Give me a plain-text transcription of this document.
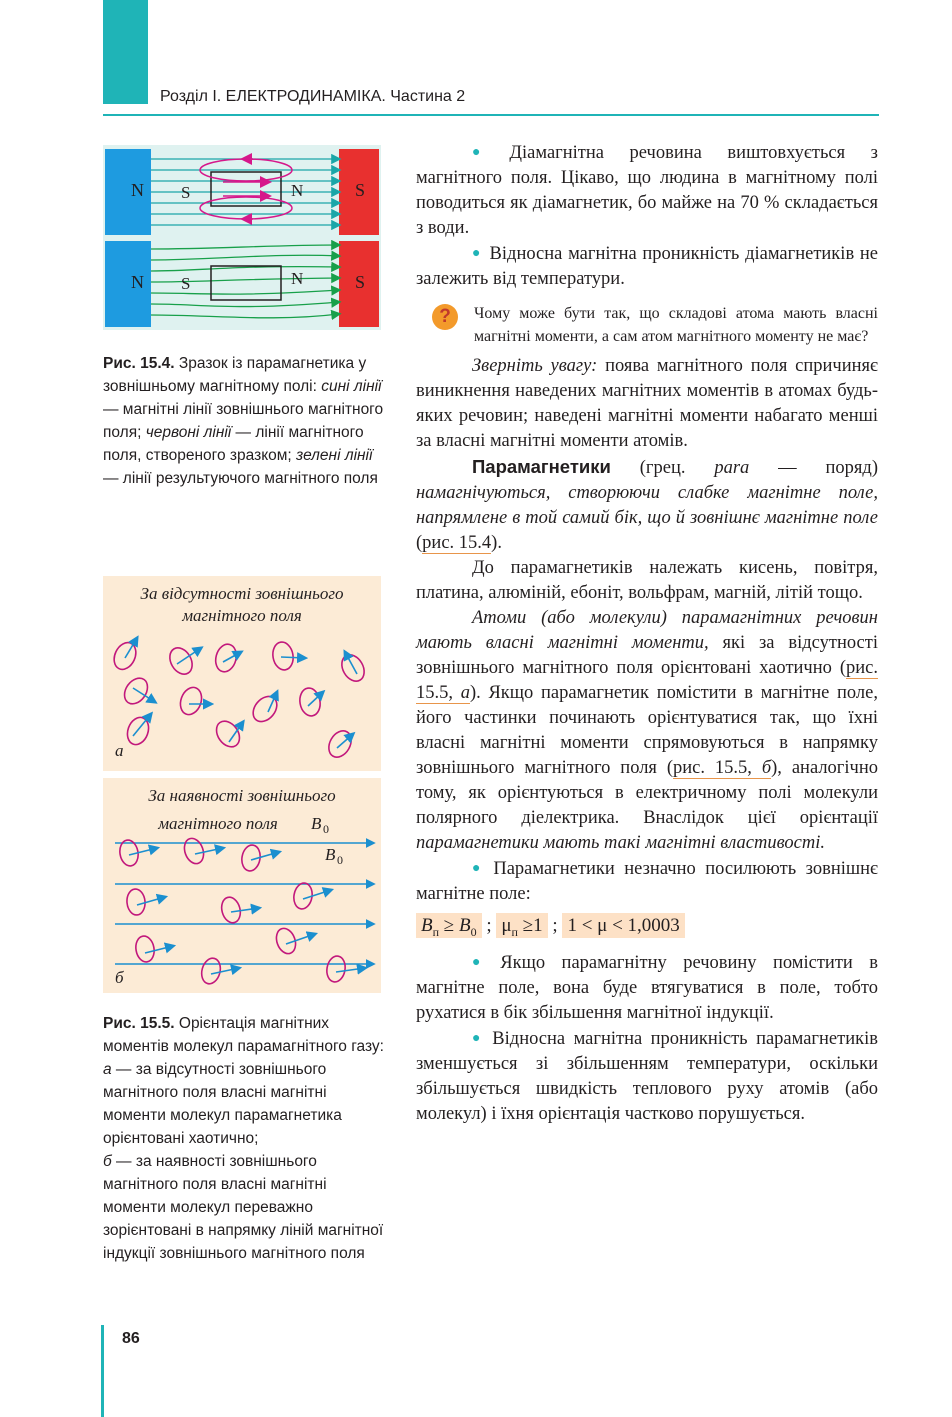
Розділ І. ЕЛЕКТРОДИНАМІКА. Частина 2
N S	N	S
N S	N	S

Рис. 15.4. Зразок із парамагнетика у зовнішньому магнітному полі: сині лінії — магнітні лінії зовнішнього магнітного поля; червоні лінії — лінії магнітного поля, створеного зразком; зелені лінії — лінії результуючого магнітного поля

За відсутності зовнішнього
магнітного поля
а
За наявності зовнішнього
магнітного поля B 0
B 0
б

Рис. 15.5. Орієнтація магнітних моментів молекул парамагнітного газу:

а — за відсутності зовнішнього магнітного поля власні магнітні моменти молекул парамагнетика орієнтовані хаотично;

б — за наявності зовнішнього магнітного поля власні магнітні моменти молекул переважно зорієнтовані в напрямку ліній магнітної індукції зовнішнього магнітного поля

● Діамагнітна речовина виштовхується з магнітного поля. Цікаво, що людина в магнітному полі поводиться як діамагнетик, бо майже на 70 % складається з води.

● Відносна магнітна проникність діамагнетиків не залежить від температури.

?	Чому може бути так, що складові атома мають власні магнітні моменти, а сам атом магнітного моменту не має?

Зверніть увагу: поява магнітного поля спричиняє виникнення наведених магнітних моментів в атомах будь-яких речовин; наведені магнітні моменти набагато менші за власні магнітні моменти атомів.

Парамагнетики (грец. para — поряд) намагнічуються, створюючи слабке магнітне поле, напрямлене в той самий бік, що й зовнішнє магнітне поле (рис. 15.4).

До парамагнетиків належать кисень, повітря, платина, алюміній, ебоніт, вольфрам, магній, літій тощо.

Атоми (або молекули) парамагнітних речовин мають власні магнітні моменти, які за відсутності зовнішнього магнітного поля орієнтовані хаотично (рис. 15.5, а). Якщо парамагнетик помістити в магнітне поле, його частинки починають орієнтуватися так, що їхні власні магнітні моменти спрямовуються в напрямку зовнішнього магнітного поля (рис. 15.5, б), аналогічно тому, як орієнтуються в електричному полі молекули полярного діелектрика. Внаслідок цієї орієнтації парамагнетики мають такі магнітні властивості.

● Парамагнетики незначно посилюють зовнішнє магнітне поле:

$B_п \ge B_0$ ; $\mu_п \ge 1$ ; 1 < μ < 1,0003

● Якщо парамагнітну речовину помістити в магнітне поле, вона буде втягуватися в поле, тобто рухатися в бік збільшення магнітної індукції.

● Відносна магнітна проникність парамагнетиків зменшується зі збільшенням температури, оскільки збільшується швидкість теплового руху атомів (або молекул) і їхня орієнтація частково порушується.

86
